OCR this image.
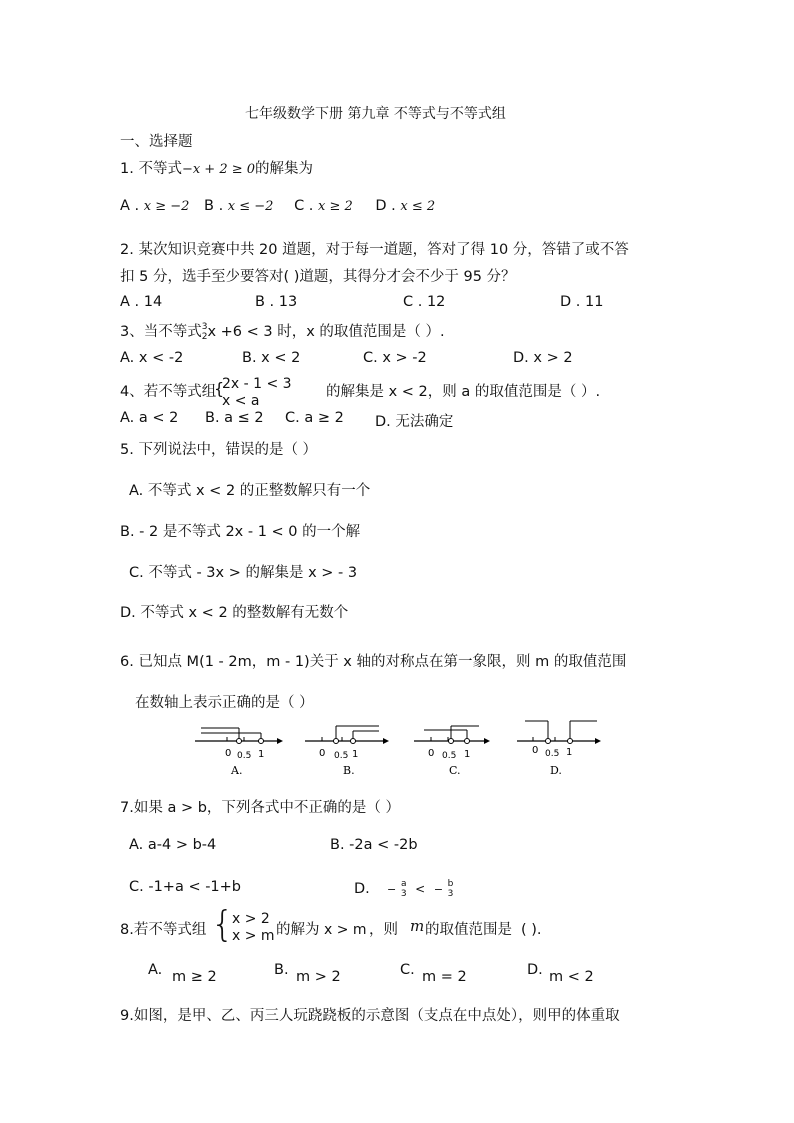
七年级数学下册 第九章 不等式与不等式组
一、选择题
1. 不等式−x + 2 ≥ 0的解集为
A . x ≥ −2 B . x ≤ −2 C . x ≥ 2 D . x ≤ 2
2. 某次知识竞赛中共 20 道题，对于每一道题，答对了得 10 分，答错了或不答
扣 5 分，选手至少要答对( )道题，其得分才会不少于 95 分？
A . 14	B . 13	C . 12	D . 11
3、当不等式 3
2 x +6 < 3 时，x 的取值范围是（ ）.
A. x < -2	B. x < 2	C. x > -2	D. x > 2
4、若不等式组
{
2x - 1 < 3
x < a
的解集是 x < 2，则 a 的取值范围是（ ）.
A. a < 2 B. a ≤ 2 C. a ≥ 2 D. 无法确定
5. 下列说法中，错误的是（ ）
A. 不等式 x < 2 的正整数解只有一个
B. - 2 是不等式 2x - 1 < 0 的一个解
C. 不等式 - 3x > 的解集是 x > - 3
D. 不等式 x < 2 的整数解有无数个
6. 已知点 M(1 - 2m，m - 1)关于 x 轴的对称点在第一象限，则 m 的取值范围
在数轴上表示正确的是（ ）
0 0.5 1
A.
0 0.5 1
B.
0 0.5 1
C.
0 0.5 1
D.
7.如果 a > b，下列各式中不正确的是（ ）
A. a-4 > b-4	B. -2a < -2b
C. -1+a < -1+b	D. − a
3 < − b
3
8.若不等式组 {
x > 2
x > m 的解为 x > m ，则 m 的取值范围是 ( ).
A. m ≥ 2	B. m > 2	C. m = 2	D. m < 2
9.如图，是甲、乙、丙三人玩跷跷板的示意图（支点在中点处），则甲的体重取
